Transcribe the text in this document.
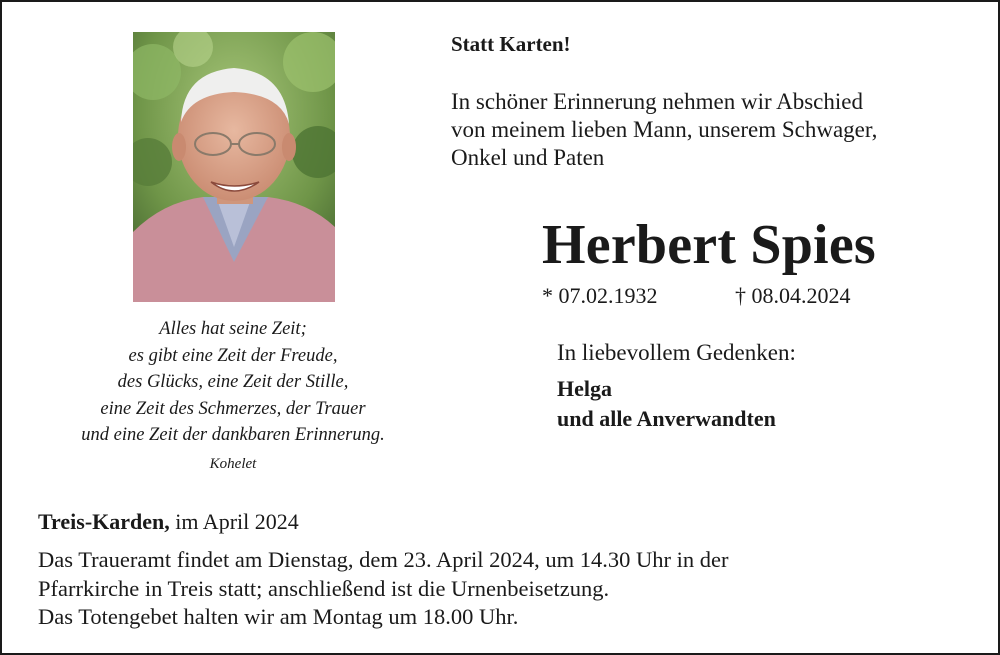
Alles hat seine Zeit;
es gibt eine Zeit der Freude,
des Glücks, eine Zeit der Stille,
eine Zeit des Schmerzes, der Trauer
und eine Zeit der dankbaren Erinnerung.
Kohelet
Statt Karten!
In schöner Erinnerung nehmen wir Abschied
von meinem lieben Mann, unserem Schwager,
Onkel und Paten
Herbert Spies
* 07.02.1932	† 08.04.2024
In liebevollem Gedenken:
Helga
und alle Anverwandten
Treis-Karden, im April 2024
Das Traueramt findet am Dienstag, dem 23. April 2024, um 14.30 Uhr in der
Pfarrkirche in Treis statt; anschließend ist die Urnenbeisetzung.
Das Totengebet halten wir am Montag um 18.00 Uhr.
